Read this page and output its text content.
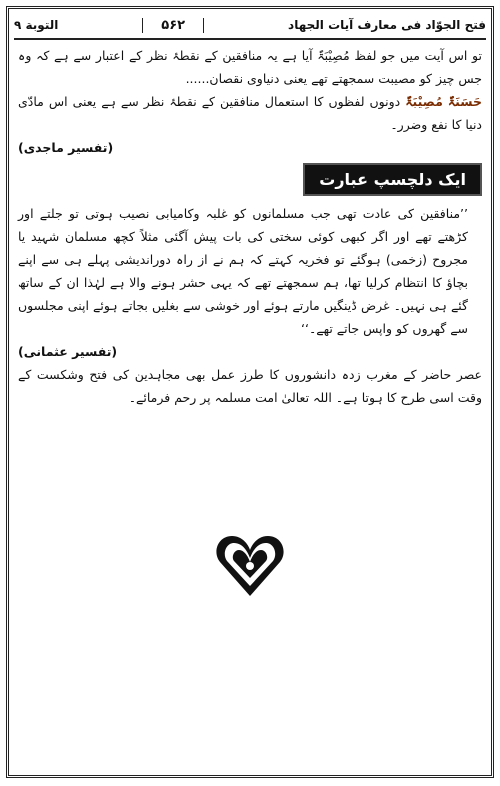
فتح الجوّاد فی معارف آیات الجھاد
۵۶۲
التوبة ۹

تو اس آیت میں جو لفظ مُصِیْبَۃٌ آیا ہے یہ منافقین کے نقطۂ نظر کے اعتبار سے ہے کہ وہ جس چیز کو مصیبت سمجھتے تھے یعنی دنیاوی نقصان......

حَسَنَۃٌ مُصِیْبَۃٌ دونوں لفظوں کا استعمال منافقین کے نقطۂ نظر سے ہے یعنی اس مادّی دنیا کا نفع وضرر۔

(تفسیر ماجدی)

ایک دلچسپ عبارت

’’منافقین کی عادت تھی جب مسلمانوں کو غلبہ وکامیابی نصیب ہوتی تو جلتے اور کڑھتے تھے اور اگر کبھی کوئی سختی کی بات پیش آگئی مثلاً کچھ مسلمان شہید یا مجروح (زخمی) ہوگئے تو فخریہ کہتے کہ ہم نے از راہ دوراندیشی پہلے ہی سے اپنے بچاؤ کا انتظام کرلیا تھا، ہم سمجھتے تھے کہ یہی حشر ہونے والا ہے لہٰذا ان کے ساتھ گئے ہی نہیں۔ غرض ڈینگیں مارتے ہوئے اور خوشی سے بغلیں بجاتے ہوئے اپنی مجلسوں سے گھروں کو واپس جاتے تھے۔‘‘

(تفسیر عثمانی)

عصر حاضر کے مغرب زدہ دانشوروں کا طرز عمل بھی مجاہدین کی فتح وشکست کے وقت اسی طرح کا ہوتا ہے۔ اللہ تعالیٰ امت مسلمہ پر رحم فرمائے۔
